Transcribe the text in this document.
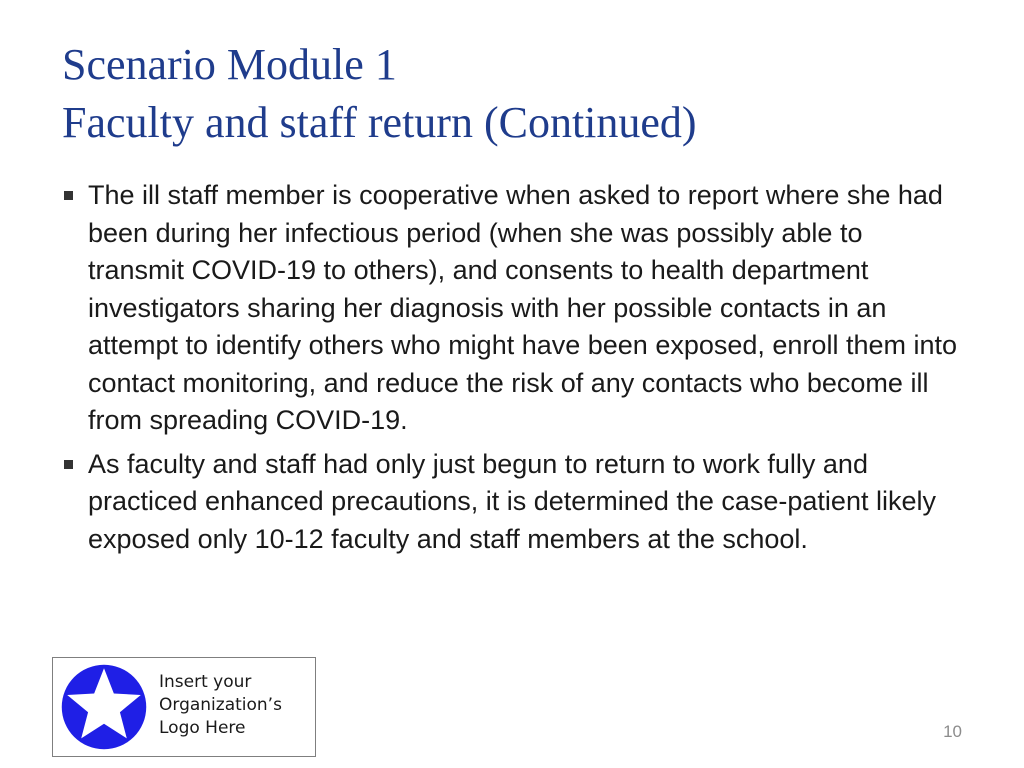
Scenario Module 1
Faculty and staff return (Continued)
The ill staff member is cooperative when asked to report where she had been during her infectious period (when she was possibly able to transmit COVID-19 to others), and consents to health department investigators sharing her diagnosis with her possible contacts in an attempt to identify others who might have been exposed, enroll them into contact monitoring, and reduce the risk of any contacts who become ill from spreading COVID-19.
As faculty and staff had only just begun to return to work fully and practiced enhanced precautions, it is determined the case-patient likely exposed only 10-12 faculty and staff members at the school.
Insert your
Organization’s
Logo Here	10
